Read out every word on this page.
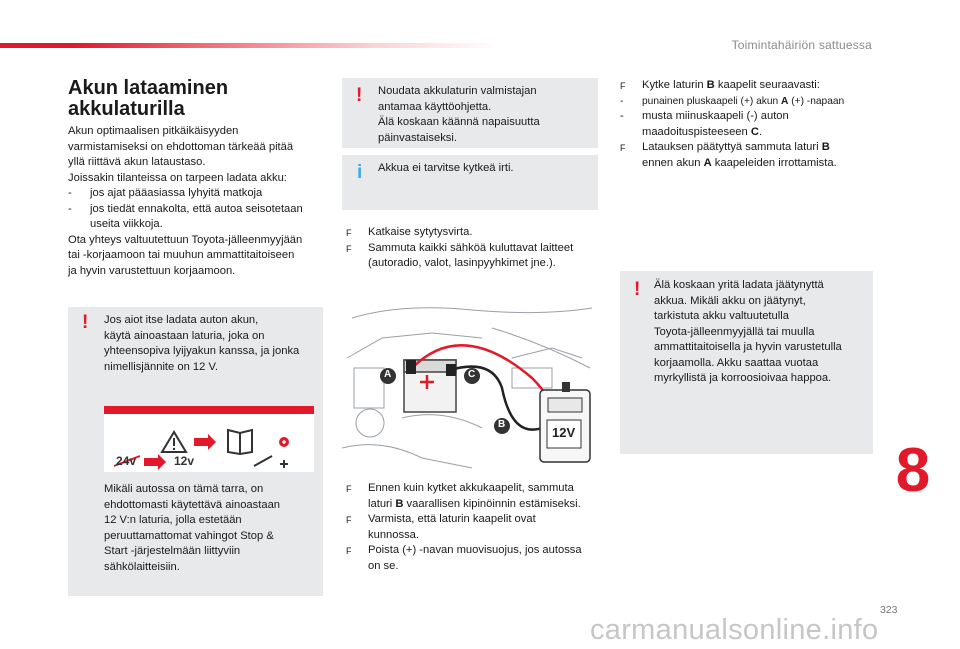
Toimintahäiriön sattuessa
Akun lataaminen
akkulaturilla

Akun optimaalisen pitkäikäisyyden

varmistamiseksi on ehdottoman tärkeää pitää

yllä riittävä akun lataustaso.

Joissakin tilanteissa on tarpeen ladata akku:

- jos ajat pääasiassa lyhyitä matkoja
- jos tiedät ennakolta, että autoa seisotetaan
useita viikkoja.

Ota yhteys valtuutettuun Toyota-jälleenmyyjään

tai -korjaamoon tai muuhun ammattitaitoiseen

ja hyvin varustettuun korjaamoon.

! Jos aiot itse ladata auton akun,

käytä ainoastaan laturia, joka on

yhteensopiva lyijyakun kanssa, ja jonka

nimellisjännite on 12 V.

24v	12v

Mikäli autossa on tämä tarra, on

ehdottomasti käytettävä ainoastaan

12 V:n laturia, jolla estetään

peruuttamattomat vahingot Stop &

Start -järjestelmään liittyviin

sähkölaitteisiin.

! Noudata akkulaturin valmistajan

antamaa käyttöohjetta.

Älä koskaan käännä napaisuutta

päinvastaiseksi.

i Akkua ei tarvitse kytkeä irti.
F Katkaise sytytysvirta.
F Sammuta kaikki sähköä kuluttavat laitteet
(autoradio, valot, lasinpyyhkimet jne.).
A	C
B
12V
F Ennen kuin kytket akkukaapelit, sammuta
laturi B vaarallisen kipinöinnin estämiseksi.
F Varmista, että laturin kaapelit ovat
kunnossa.
F Poista (+) -navan muovisuojus, jos autossa
on se.
F Kytke laturin B kaapelit seuraavasti:
- punainen pluskaapeli (+) akun A (+) -napaan
- musta miinuskaapeli (-) auton
maadoituspisteeseen C.
F Latauksen päätyttyä sammuta laturi B
ennen akun A kaapeleiden irrottamista.
! Älä koskaan yritä ladata jäätynyttä

akkua. Mikäli akku on jäätynyt,

tarkistuta akku valtuutetulla

Toyota-jälleenmyyjällä tai muulla

ammattitaitoisella ja hyvin varustetulla

korjaamolla. Akku saattaa vuotaa

myrkyllistä ja korroosioivaa happoa.

8
323
carmanualsonline.info
